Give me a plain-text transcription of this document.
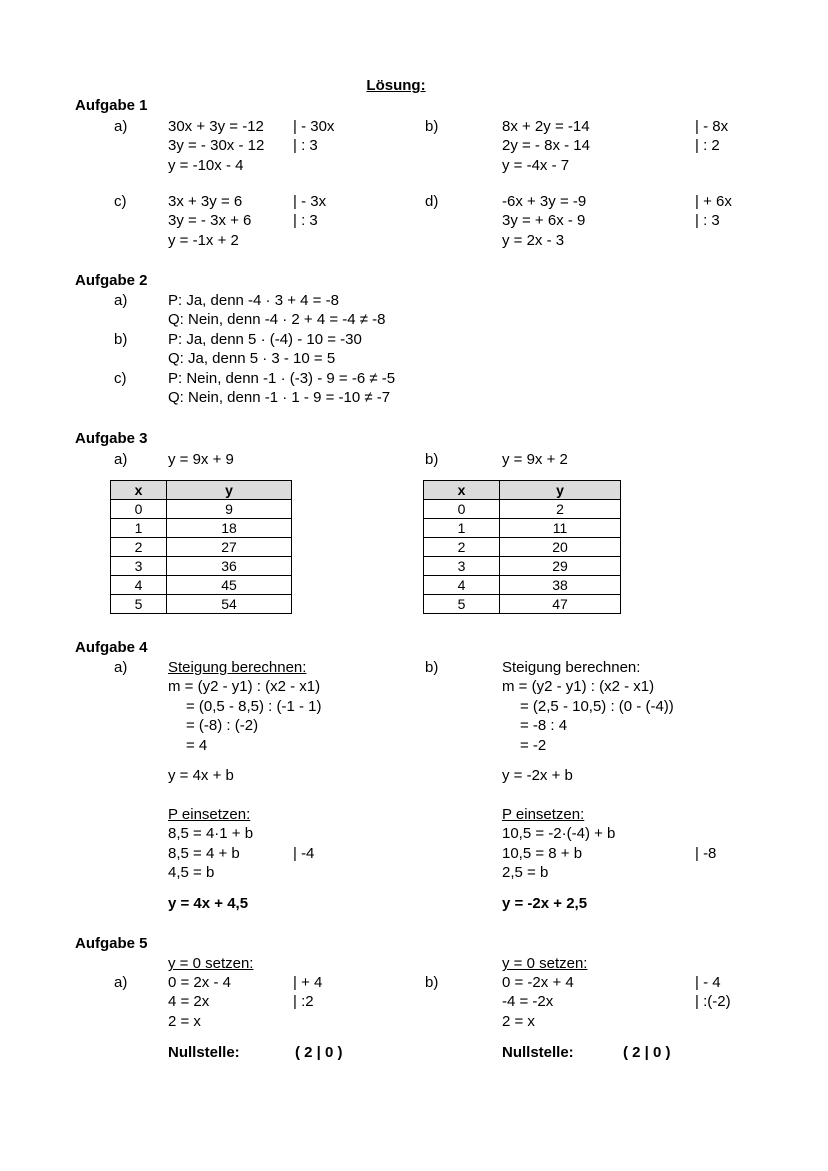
Lösung:
Aufgabe 1
a)	30x + 3y = -12 | - 30x
3y = - 30x - 12 | : 3
y = -10x - 4
b)	8x + 2y = -14	| - 8x
2y = - 8x - 14	| : 2
y = -4x - 7
c)	3x + 3y = 6	| - 3x
3y = - 3x + 6	| : 3
y = -1x + 2
d)	-6x + 3y = -9	| + 6x
3y = + 6x - 9	| : 3
y = 2x - 3
Aufgabe 2
a)	P: Ja, denn -4 · 3 + 4 = -8
Q: Nein, denn -4 · 2 + 4 = -4 ≠ -8
b)	P: Ja, denn 5 · (-4) - 10 = -30
Q: Ja, denn 5 · 3 - 10 = 5
c)	P: Nein, denn -1 · (-3) - 9 = -6 ≠ -5
Q: Nein, denn -1 · 1 - 9 = -10 ≠ -7
Aufgabe 3
a)	y = 9x + 9	b)	y = 9x + 2
x	y
0	9
1	18
2	27
3	36
4	45
5	54
x	y
0	2
1	11
2	20
3	29
4	38
5	47
Aufgabe 4
a)	Steigung berechnen:
m = (y2 - y1) : (x2 - x1)
= (0,5 - 8,5) : (-1 - 1)
= (-8) : (-2)
= 4
y = 4x + b
P einsetzen:
8,5 = 4·1 + b
8,5 = 4 + b	| -4
4,5 = b
y = 4x + 4,5
b)	Steigung berechnen:
m = (y2 - y1) : (x2 - x1)
= (2,5 - 10,5) : (0 - (-4))
= -8 : 4
= -2
y = -2x + b
P einsetzen:
10,5 = -2·(-4) + b
10,5 = 8 + b	| -8
2,5 = b
y = -2x + 2,5
Aufgabe 5
y = 0 setzen:
a)	0 = 2x - 4	| + 4
4 = 2x	| :2
2 = x
Nullstelle:	( 2 | 0 )
y = 0 setzen:
b)	0 = -2x + 4	| - 4
-4 = -2x	| :(-2)
2 = x
Nullstelle:	( 2 | 0 )
